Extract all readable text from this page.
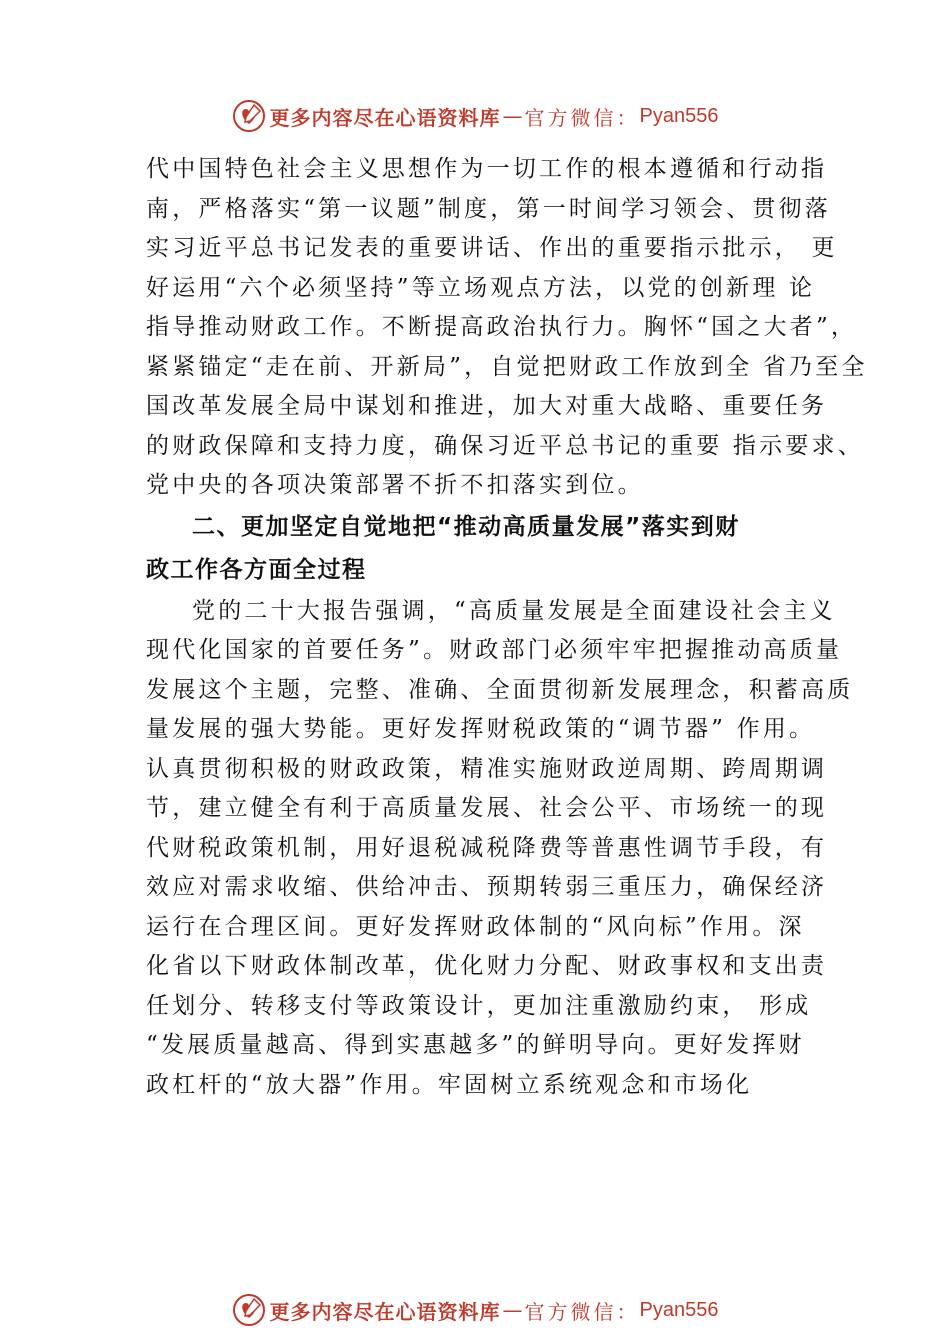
更多内容尽在心语资料库 — 官方微信： Pyan556
代中国特色社会主义思想作为一切工作的根本遵循和行动指
南，严格落实“第一议题”制度，第一时间学习领会、贯彻落
实习近平总书记发表的重要讲话、作出的重要指示批示， 更
好运用“六个必须坚持”等立场观点方法，以党的创新理 论
指导推动财政工作。不断提高政治执行力。胸怀“国之大者”，
紧紧锚定“走在前、开新局”，自觉把财政工作放到全 省乃至全
国改革发展全局中谋划和推进，加大对重大战略、重要任务
的财政保障和支持力度，确保习近平总书记的重要 指示要求、
党中央的各项决策部署不折不扣落实到位。
二、更加坚定自觉地把“推动高质量发展”落实到财
政工作各方面全过程
党的二十大报告强调，“高质量发展是全面建设社会主义
现代化国家的首要任务”。财政部门必须牢牢把握推动高质量
发展这个主题，完整、准确、全面贯彻新发展理念，积蓄高质
量发展的强大势能。更好发挥财税政策的“调节器” 作用。
认真贯彻积极的财政政策，精准实施财政逆周期、跨周期调
节，建立健全有利于高质量发展、社会公平、市场统一的现
代财税政策机制，用好退税减税降费等普惠性调节手段，有
效应对需求收缩、供给冲击、预期转弱三重压力，确保经济
运行在合理区间。更好发挥财政体制的“风向标”作用。深
化省以下财政体制改革，优化财力分配、财政事权和支出责
任划分、转移支付等政策设计，更加注重激励约束， 形成
“发展质量越高、得到实惠越多”的鲜明导向。更好发挥财
政杠杆的“放大器”作用。牢固树立系统观念和市场化
更多内容尽在心语资料库 — 官方微信： Pyan556
